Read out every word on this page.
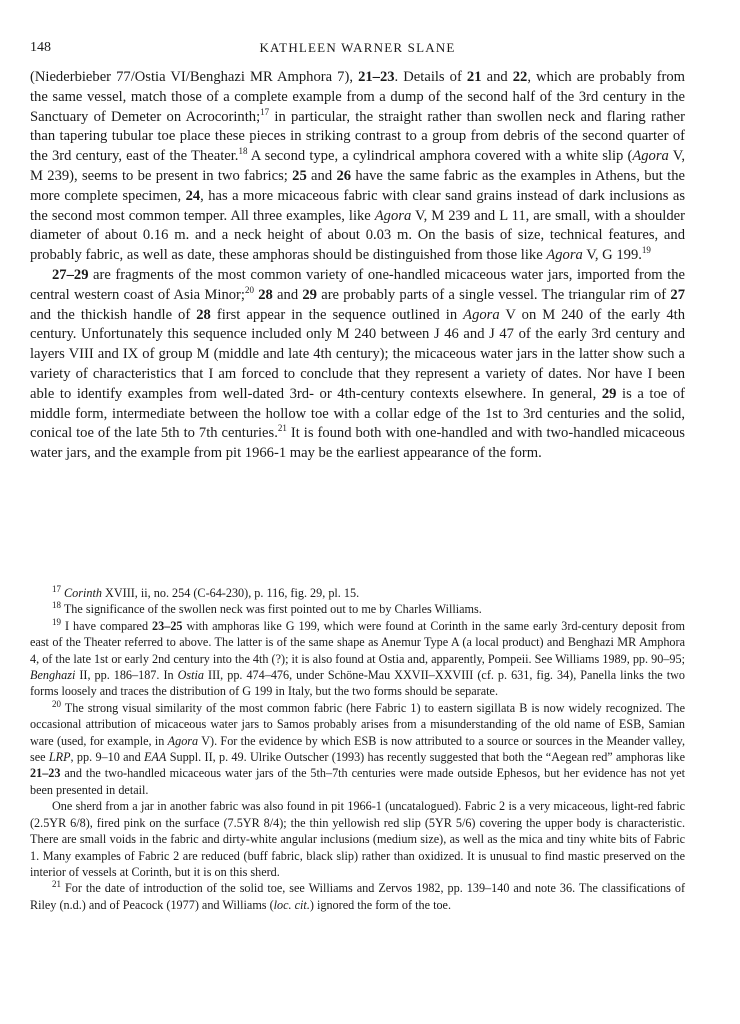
148	KATHLEEN WARNER SLANE

(Niederbieber 77/Ostia VI/Benghazi MR Amphora 7), 21–23. Details of 21 and 22, which are probably from the same vessel, match those of a complete example from a dump of the second half of the 3rd century in the Sanctuary of Demeter on Acrocorinth;$^{17}$ in particular, the straight rather than swollen neck and flaring rather than tapering tubular toe place these pieces in striking contrast to a group from debris of the second quarter of the 3rd century, east of the Theater.$^{18}$ A second type, a cylindrical amphora covered with a white slip (Agora V, M 239), seems to be present in two fabrics; 25 and 26 have the same fabric as the examples in Athens, but the more complete specimen, 24, has a more micaceous fabric with clear sand grains instead of dark inclusions as the second most common temper. All three examples, like Agora V, M 239 and L 11, are small, with a shoulder diameter of about 0.16 m. and a neck height of about 0.03 m. On the basis of size, technical features, and probably fabric, as well as date, these amphoras should be distinguished from those like Agora V, G 199.19

27–29 are fragments of the most common variety of one-handled micaceous water jars, imported from the central western coast of Asia Minor;$^{20}$ 28 and 29 are probably parts of a single vessel. The triangular rim of 27 and the thickish handle of 28 first appear in the sequence outlined in Agora V on M 240 of the early 4th century. Unfortunately this sequence included only M 240 between J 46 and J 47 of the early 3rd century and layers VIII and IX of group M (middle and late 4th century); the micaceous water jars in the latter show such a variety of characteristics that I am forced to conclude that they represent a variety of dates. Nor have I been able to identify examples from well-dated 3rd- or 4th-century contexts elsewhere. In general, 29 is a toe of middle form, intermediate between the hollow toe with a collar edge of the 1st to 3rd centuries and the solid, conical toe of the late 5th to 7th centuries.$^{21}$ It is found both with one-handled and with two-handled micaceous water jars, and the example from pit 1966-1 may be the earliest appearance of the form.

$^{17}$ Corinth XVIII, ii, no. 254 (C-64-230), p. 116, fig. 29, pl. 15.

$^{18}$ The significance of the swollen neck was first pointed out to me by Charles Williams.

$^{19}$ I have compared 23–25 with amphoras like G 199, which were found at Corinth in the same early 3rd-century deposit from east of the Theater referred to above. The latter is of the same shape as Anemur Type A (a local product) and Benghazi MR Amphora 4, of the late 1st or early 2nd century into the 4th (?); it is also found at Ostia and, apparently, Pompeii. See Williams 1989, pp. 90–95; Benghazi II, pp. 186–187. In Ostia III, pp. 474–476, under Schöne-Mau XXVII–XXVIII (cf. p. 631, fig. 34), Panella links the two forms loosely and traces the distribution of G 199 in Italy, but the two forms should be separate.

$^{20}$ The strong visual similarity of the most common fabric (here Fabric 1) to eastern sigillata B is now widely recognized. The occasional attribution of micaceous water jars to Samos probably arises from a misunderstanding of the old name of ESB, Samian ware (used, for example, in Agora V). For the evidence by which ESB is now attributed to a source or sources in the Meander valley, see LRP, pp. 9–10 and EAA Suppl. II, p. 49. Ulrike Outscher (1993) has recently suggested that both the “Aegean red” amphoras like 21–23 and the two-handled micaceous water jars of the 5th–7th centuries were made outside Ephesos, but her evidence has not yet been presented in detail.

One sherd from a jar in another fabric was also found in pit 1966-1 (uncatalogued). Fabric 2 is a very micaceous, light-red fabric (2.5YR 6/8), fired pink on the surface (7.5YR 8/4); the thin yellowish red slip (5YR 5/6) covering the upper body is characteristic. There are small voids in the fabric and dirty-white angular inclusions (medium size), as well as the mica and tiny white bits of Fabric 1. Many examples of Fabric 2 are reduced (buff fabric, black slip) rather than oxidized. It is unusual to find mastic preserved on the interior of vessels at Corinth, but it is on this sherd.

$^{21}$ For the date of introduction of the solid toe, see Williams and Zervos 1982, pp. 139–140 and note 36. The classifications of Riley (n.d.) and of Peacock (1977) and Williams (loc. cit.) ignored the form of the toe.
